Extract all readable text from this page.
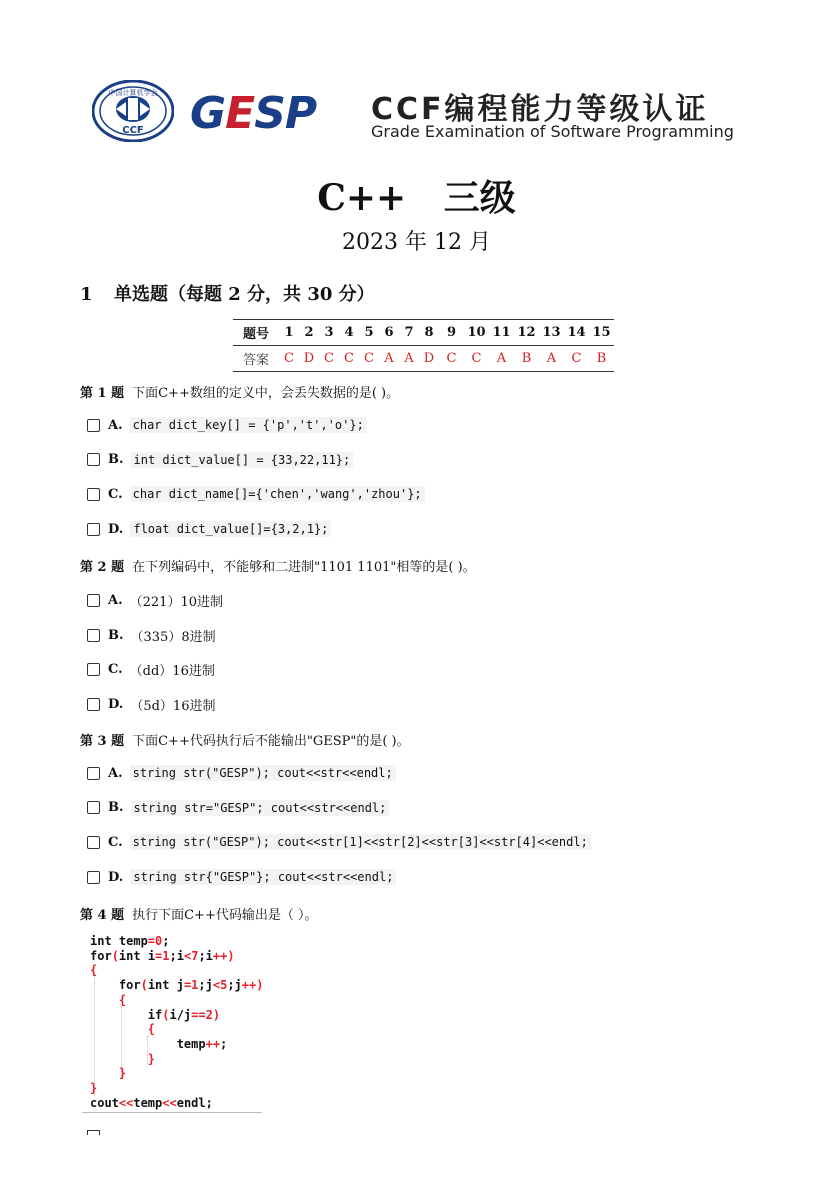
中国计算机学会
CCF GESP CCF编程能力等级认证
Grade Examination of Software Programming
C++   三级
2023 年 12 月
1 单选题（每题 2 分，共 30 分）
题号	1	2	3	4	5	6	7	8	9	10	11	12	13	14	15
答案	C	D	C	C	C	A	A	D	C	C	A	B	A	C	B
第 1 题 下面C++数组的定义中，会丢失数据的是( )。
A. char dict_key[] = {'p','t','o'};
B. int dict_value[] = {33,22,11};
C. char dict_name[]={'chen','wang','zhou'};
D. float dict_value[]={3,2,1};
第 2 题 在下列编码中，不能够和二进制"1101 1101"相等的是( )。
A. （221）10进制
B. （335）8进制
C. （dd）16进制
D. （5d）16进制
第 3 题 下面C++代码执行后不能输出"GESP"的是( )。
A. string str("GESP"); cout<<str<<endl;
B. string str="GESP"; cout<<str<<endl;
C. string str("GESP"); cout<<str[1]<<str[2]<<str[3]<<str[4]<<endl;
D. string str{"GESP"}; cout<<str<<endl;
第 4 题 执行下面C++代码输出是（ ）。
int temp=0;
for(int i=1;i<7;i++)
{
for(int j=1;j<5;j++)
{
if(i/j==2)
{
temp++;
}
}
}
cout<<temp<<endl;
